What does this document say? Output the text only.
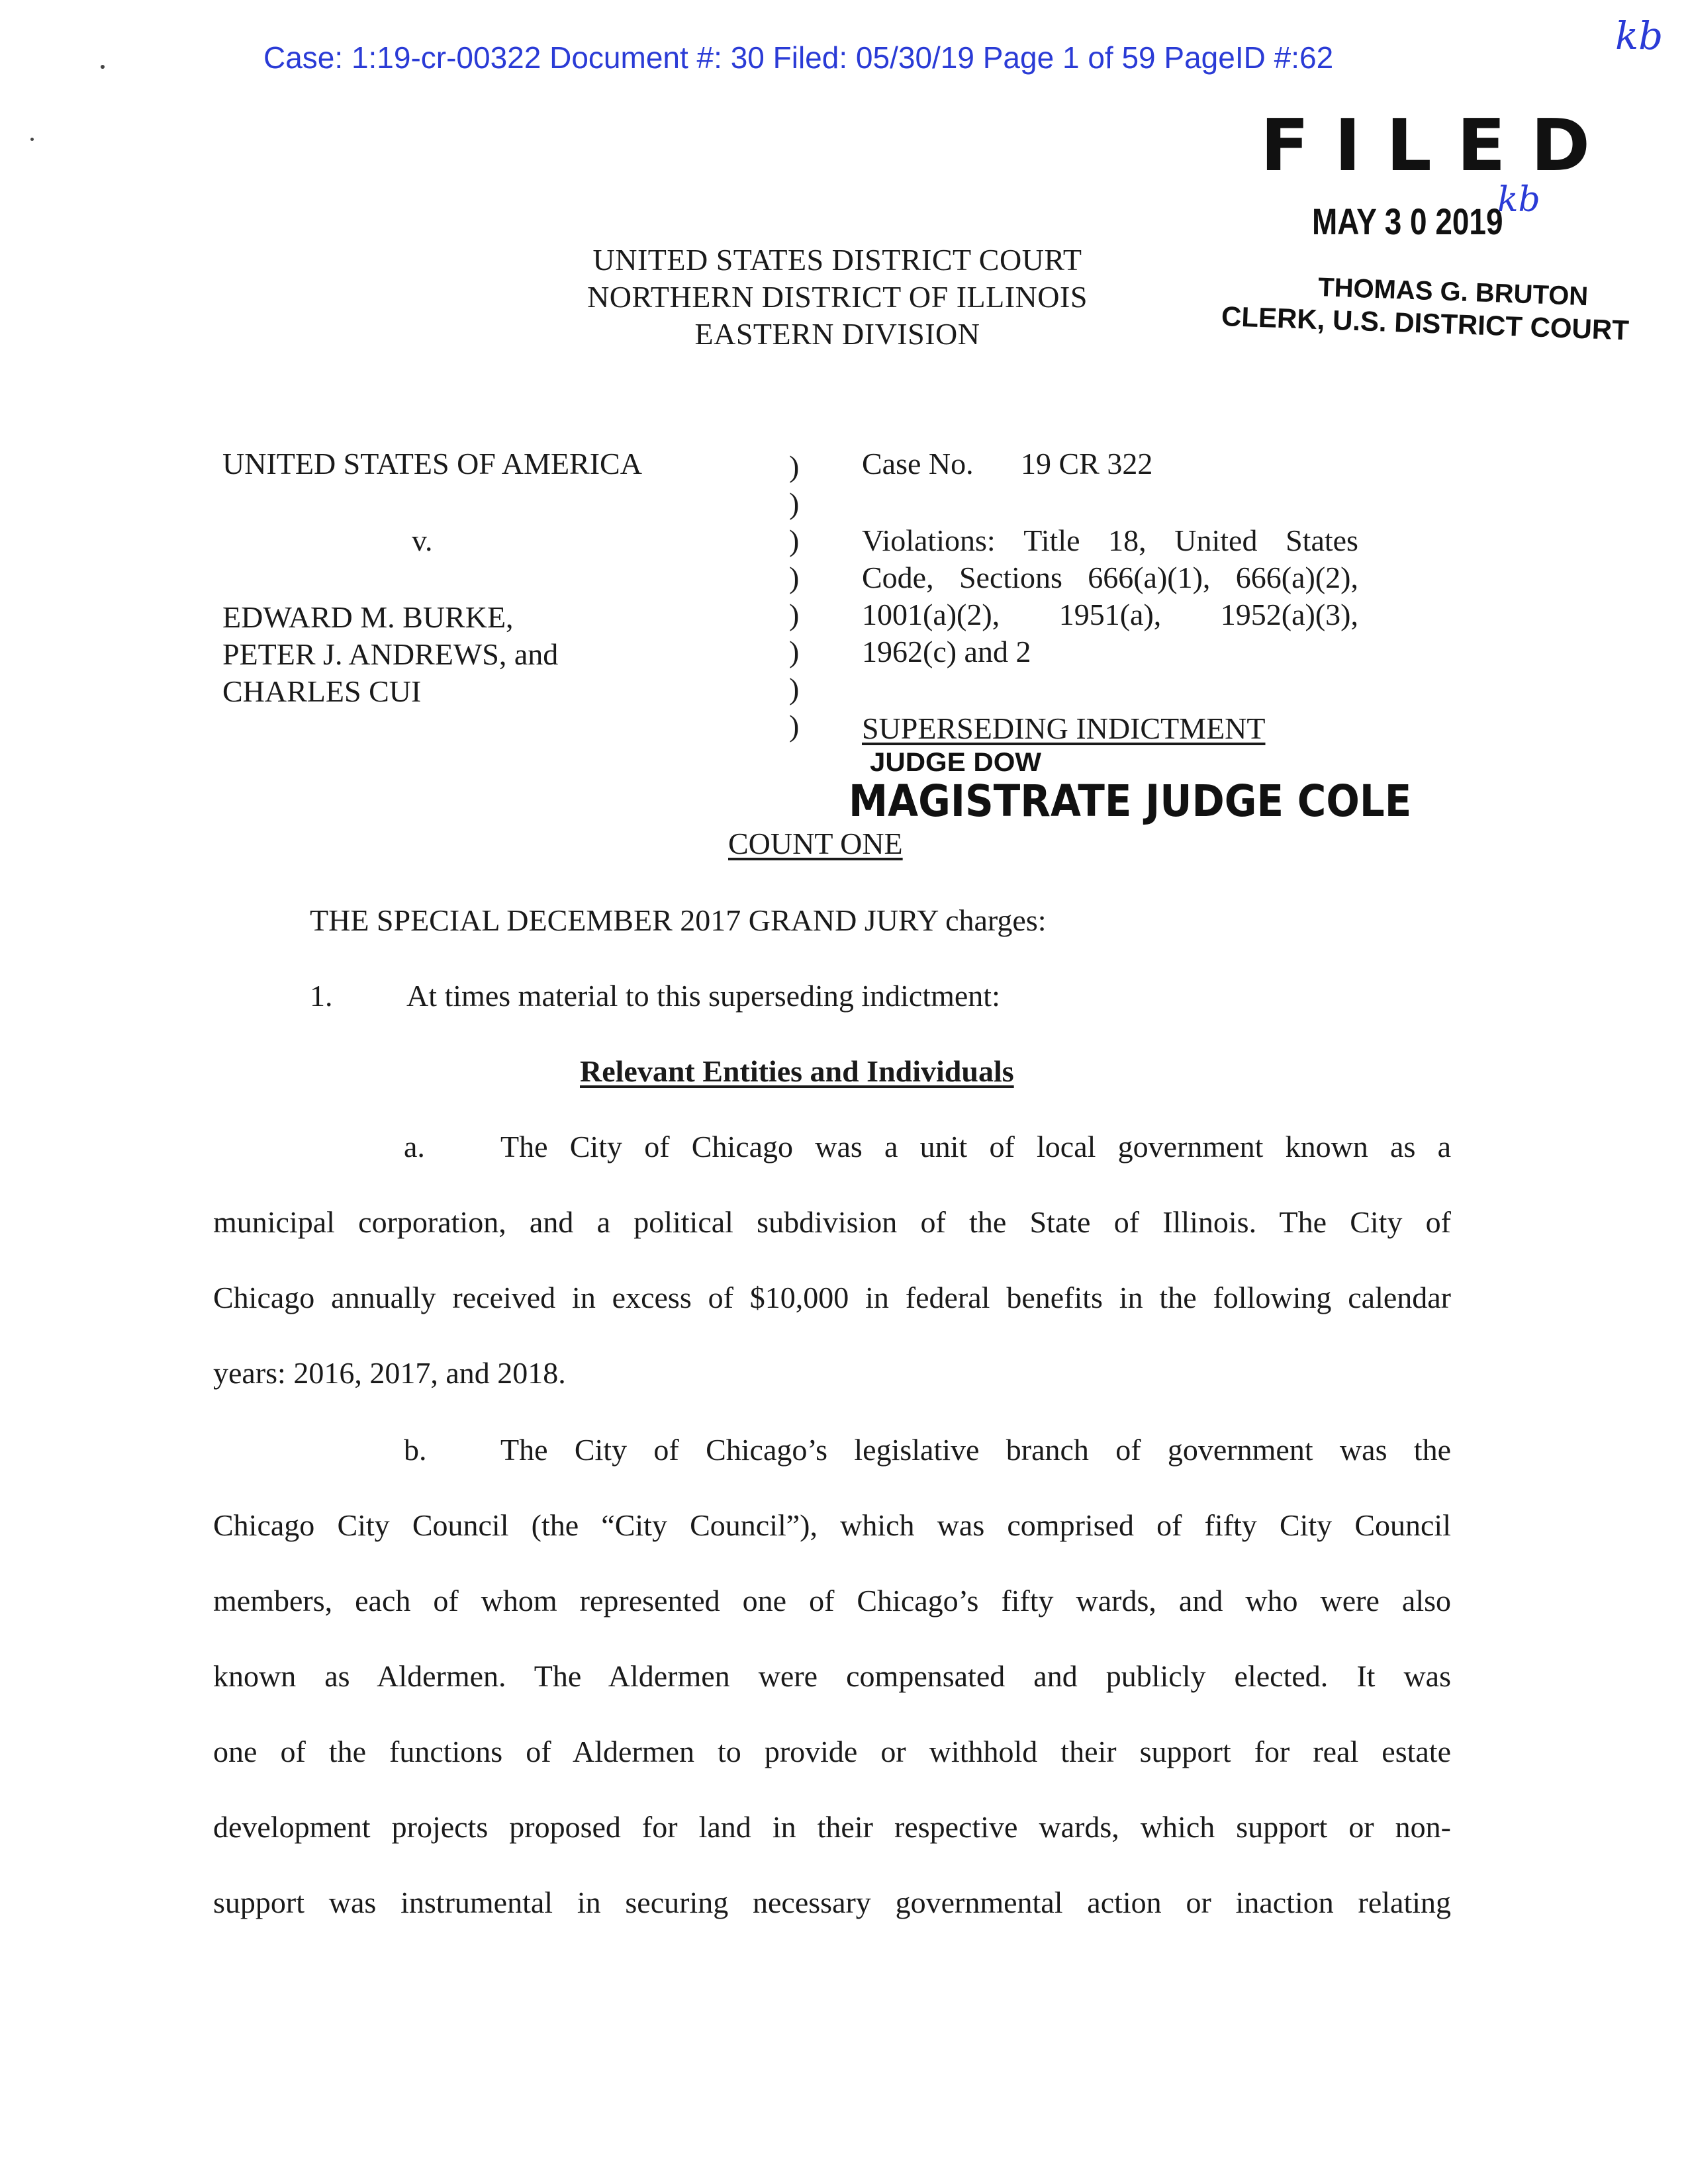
Case: 1:19-cr-00322 Document #: 30 Filed: 05/30/19 Page 1 of 59 PageID #:62	kb
FILED
MAY 3 0 2019
kb
THOMAS G. BRUTON
CLERK, U.S. DISTRICT COURT
UNITED STATES DISTRICT COURT
NORTHERN DISTRICT OF ILLINOIS
EASTERN DIVISION
UNITED STATES OF AMERICA
v.
EDWARD M. BURKE,
PETER J. ANDREWS, and
CHARLES CUI
)
)
)
)
)
)
)
)
Case No. 19 CR 322
Violations: Title 18, United States
Code, Sections 666(a)(1), 666(a)(2),
1001(a)(2), 1951(a), 1952(a)(3),
1962(c) and 2
SUPERSEDING INDICTMENT
JUDGE DOW
MAGISTRATE JUDGE COLE
COUNT ONE
THE SPECIAL DECEMBER 2017 GRAND JURY charges:
1. At times material to this superseding indictment:
Relevant Entities and Individuals
a. The City of Chicago was a unit of local government known as a
municipal corporation, and a political subdivision of the State of Illinois. The City of
Chicago annually received in excess of $10,000 in federal benefits in the following calendar
years: 2016, 2017, and 2018.
b. The City of Chicago’s legislative branch of government was the
Chicago City Council (the “City Council”), which was comprised of fifty City Council
members, each of whom represented one of Chicago’s fifty wards, and who were also
known as Aldermen. The Aldermen were compensated and publicly elected. It was
one of the functions of Aldermen to provide or withhold their support for real estate
development projects proposed for land in their respective wards, which support or non-
support was instrumental in securing necessary governmental action or inaction relating
